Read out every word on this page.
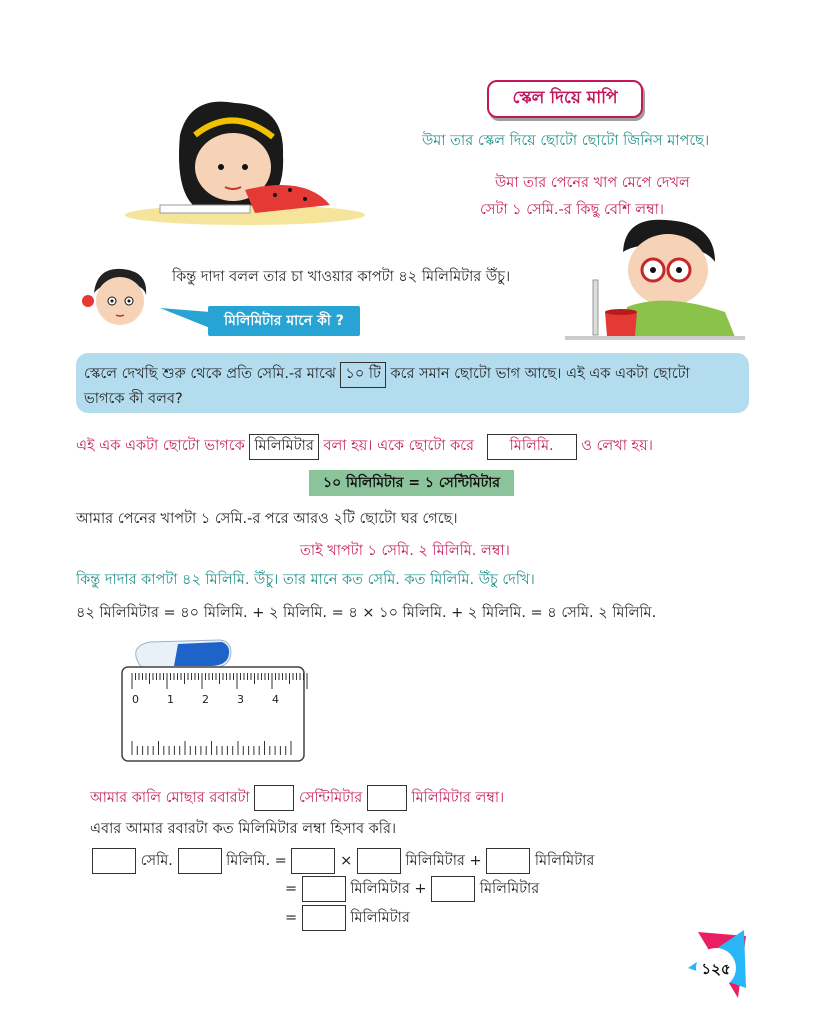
স্কেল দিয়ে মাপি
উমা তার স্কেল দিয়ে ছোটো ছোটো জিনিস মাপছে।
উমা তার পেনের খাপ মেপে দেখল
সেটা ১ সেমি.-র কিছু বেশি লম্বা।
কিন্তু দাদা বলল তার চা খাওয়ার কাপটা ৪২ মিলিমিটার উঁচু।
মিলিমিটার মানে কী ?
স্কেলে দেখছি শুরু থেকে প্রতি সেমি.-র মাঝে ১০ টি করে সমান ছোটো ভাগ আছে। এই এক একটা ছোটো
ভাগকে কী বলব?
এই এক একটা ছোটো ভাগকে মিলিমিটার বলা হয়। একে ছোটো করে মিলিমি. ও লেখা হয়।
১০ মিলিমিটার = ১ সেন্টিমিটার
আমার পেনের খাপটা ১ সেমি.-র পরে আরও ২টি ছোটো ঘর গেছে।
তাই খাপটা ১ সেমি. ২ মিলিমি. লম্বা।
কিন্তু দাদার কাপটা ৪২ মিলিমি. উঁচু। তার মানে কত সেমি. কত মিলিমি. উঁচু দেখি।
৪২ মিলিমিটার = ৪০ মিলিমি. + ২ মিলিমি. = ৪ × ১০ মিলিমি. + ২ মিলিমি. = ৪ সেমি. ২ মিলিমি.
0	1	2	3	4
আমার কালি মোছার রবারটা	সেন্টিমিটার	মিলিমিটার লম্বা।
এবার আমার রবারটা কত মিলিমিটার লম্বা হিসাব করি।
সেমি.	মিলিমি. =	×	মিলিমিটার +	মিলিমিটার
=	মিলিমিটার +	মিলিমিটার
=	মিলিমিটার
১২৫
